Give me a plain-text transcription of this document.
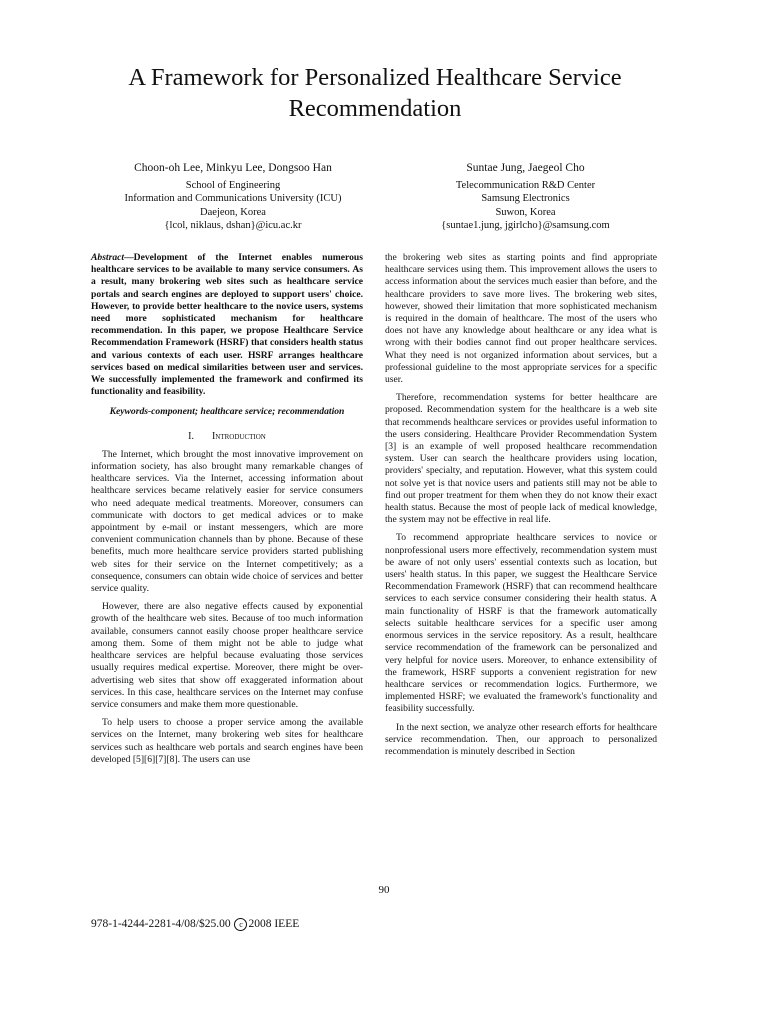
A Framework for Personalized Healthcare Service Recommendation
Choon-oh Lee, Minkyu Lee, Dongsoo Han
School of Engineering
Information and Communications University (ICU)
Daejeon, Korea
{lcol, niklaus, dshan}@icu.ac.kr
Suntae Jung, Jaegeol Cho
Telecommunication R&D Center
Samsung Electronics
Suwon, Korea
{suntae1.jung, jgirlcho}@samsung.com

Abstract—Development of the Internet enables numerous healthcare services to be available to many service consumers. As a result, many brokering web sites such as healthcare service portals and search engines are deployed to support users' choice. However, to provide better healthcare to the novice users, systems need more sophisticated mechanism for healthcare recommendation. In this paper, we propose Healthcare Service Recommendation Framework (HSRF) that considers health status and various contexts of each user. HSRF arranges healthcare services based on medical similarities between user and services. We successfully implemented the framework and confirmed its functionality and feasibility.

Keywords-component; healthcare service; recommendation

I. Introduction

The Internet, which brought the most innovative improvement on information society, has also brought many remarkable changes of healthcare services. Via the Internet, accessing information about healthcare services became relatively easier for service consumers who need adequate medical treatments. Moreover, consumers can communicate with doctors to get medical advices or to make appointment by e-mail or instant messengers, which are more convenient communication channels than by phone. Because of these benefits, much more healthcare service providers started publishing web sites for their service on the Internet competitively; as a consequence, consumers can obtain wide choice of services and better service quality.

However, there are also negative effects caused by exponential growth of the healthcare web sites. Because of too much information available, consumers cannot easily choose proper healthcare service among them. Some of them might not be able to judge what healthcare services are helpful because evaluating those services usually requires medical expertise. Moreover, there might be over-advertising web sites that show off exaggerated information about services. In this case, healthcare services on the Internet may confuse service consumers and make them more questionable.

To help users to choose a proper service among the available services on the Internet, many brokering web sites for healthcare services such as healthcare web portals and search engines have been developed [5][6][7][8]. The users can use

the brokering web sites as starting points and find appropriate healthcare services using them. This improvement allows the users to access information about the services much easier than before, and the healthcare providers to save more lives. The brokering web sites, however, showed their limitation that more sophisticated mechanism is required in the domain of healthcare. The most of the users who does not have any knowledge about healthcare or any idea what is wrong with their bodies cannot find out proper healthcare services. What they need is not organized information about services, but a professional guideline to the most appropriate services for a specific user.

Therefore, recommendation systems for better healthcare are proposed. Recommendation system for the healthcare is a web site that recommends healthcare services or provides useful information to the users considering. Healthcare Provider Recommendation System [3] is an example of well proposed healthcare recommendation system. User can search the healthcare providers using location, providers' specialty, and reputation. However, what this system could not solve yet is that novice users and patients still may not be able to find out proper treatment for them when they do not know their exact health status. Because the most of people lack of medical knowledge, the system may not be effective in real life.

To recommend appropriate healthcare services to novice or nonprofessional users more effectively, recommendation system must be aware of not only users' essential contexts such as location, but users' health status. In this paper, we suggest the Healthcare Service Recommendation Framework (HSRF) that can recommend healthcare services to each service consumer considering their health status. A main functionality of HSRF is that the framework automatically selects suitable healthcare services for a specific user among enormous services in the service repository. As a result, healthcare service recommendation of the framework can be personalized and very helpful for novice users. Moreover, to enhance extensibility of the framework, HSRF supports a convenient registration for new healthcare services or recommendation logics. Furthermore, we implemented HSRF; we evaluated the framework's functionality and feasibility successfully.

In the next section, we analyze other research efforts for healthcare service recommendation. Then, our approach to personalized recommendation is minutely described in Section

90
978-1-4244-2281-4/08/$25.00 c 2008 IEEE
